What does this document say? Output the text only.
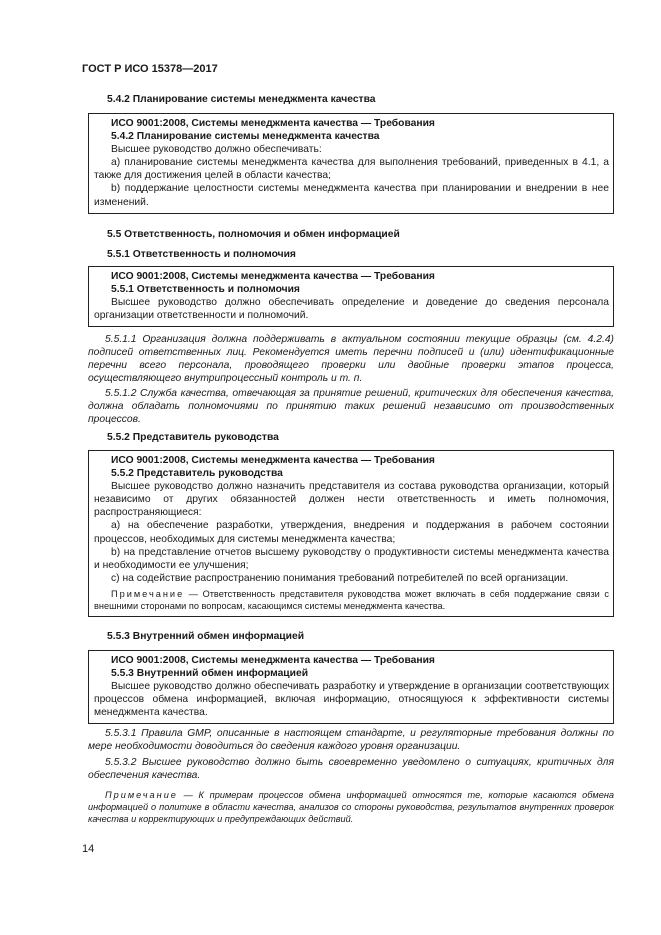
ГОСТ Р ИСО 15378—2017
5.4.2 Планирование системы менеджмента качества

ИСО 9001:2008, Системы менеджмента качества — Требования

5.4.2 Планирование системы менеджмента качества

Высшее руководство должно обеспечивать:

а) планирование системы менеджмента качества для выполнения требований, приведенных в 4.1, а также для достижения целей в области качества;

b) поддержание целостности системы менеджмента качества при планировании и внедрении в нее изменений.

5.5 Ответственность, полномочия и обмен информацией
5.5.1 Ответственность и полномочия

ИСО 9001:2008, Системы менеджмента качества — Требования

5.5.1 Ответственность и полномочия

Высшее руководство должно обеспечивать определение и доведение до сведения персонала организации ответственности и полномочий.

5.5.1.1 Организация должна поддерживать в актуальном состоянии текущие образцы (см. 4.2.4) подписей ответственных лиц. Рекомендуется иметь перечни подписей и (или) идентификационные перечни всего персонала, проводящего проверки или двойные проверки этапов процесса, осуществляющего внутрипроцессный контроль и т. п.
5.5.1.2 Служба качества, отвечающая за принятие решений, критических для обеспечения качества, должна обладать полномочиями по принятию таких решений независимо от производственных процессов.
5.5.2 Представитель руководства

ИСО 9001:2008, Системы менеджмента качества — Требования

5.5.2 Представитель руководства

Высшее руководство должно назначить представителя из состава руководства организации, который независимо от других обязанностей должен нести ответственность и иметь полномочия, распространяющиеся:

а) на обеспечение разработки, утверждения, внедрения и поддержания в рабочем состоянии процессов, необходимых для системы менеджмента качества;

b) на представление отчетов высшему руководству о продуктивности системы менеджмента качества и необходимости ее улучшения;

с) на содействие распространению понимания требований потребителей по всей организации.

Примечание — Ответственность представителя руководства может включать в себя поддержание связи с внешними сторонами по вопросам, касающимся системы менеджмента качества.

5.5.3 Внутренний обмен информацией

ИСО 9001:2008, Системы менеджмента качества — Требования

5.5.3 Внутренний обмен информацией

Высшее руководство должно обеспечивать разработку и утверждение в организации соответствующих процессов обмена информацией, включая информацию, относящуюся к эффективности системы менеджмента качества.

5.5.3.1 Правила GMP, описанные в настоящем стандарте, и регуляторные требования должны по мере необходимости доводиться до сведения каждого уровня организации.
5.5.3.2 Высшее руководство должно быть своевременно уведомлено о ситуациях, критичных для обеспечения качества.
Примечание — К примерам процессов обмена информацией относятся те, которые касаются обмена информацией о политике в области качества, анализов со стороны руководства, результатов внутренних проверок качества и корректирующих и предупреждающих действий.
14
